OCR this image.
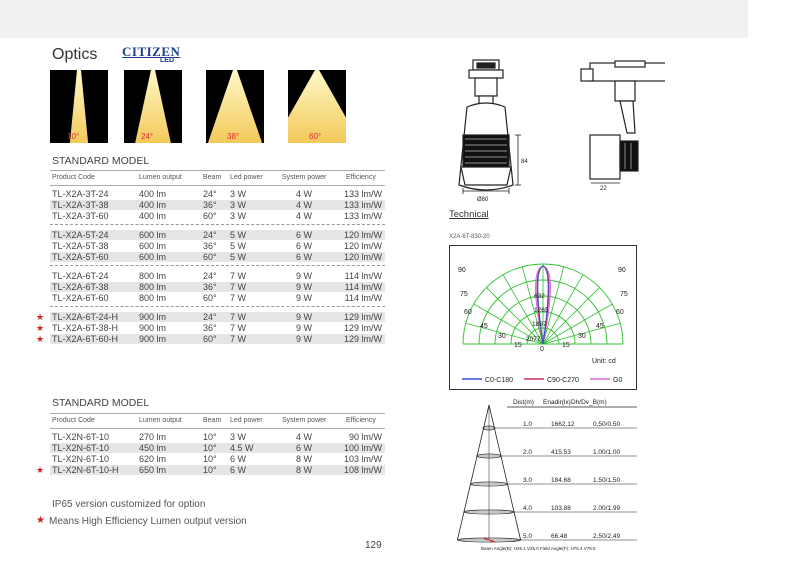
Optics CITIZEN
LED
10°	24°	38°	60°
STANDARD MODEL
Product Code	Lumen output	Beam Led power	System power	Efficiency
TL-X2A-3T-24	400 lm	24° 3 W	4 W	133 lm/W
TL-X2A-3T-38	400 lm	36° 3 W	4 W	133 lm/W
TL-X2A-3T-60	400 lm	60° 3 W	4 W	133 lm/W
TL-X2A-5T-24	600 lm	24° 5 W	6 W	120 lm/W
TL-X2A-5T-38	600 lm	36° 5 W	6 W	120 lm/W
TL-X2A-5T-60	600 lm	60° 5 W	6 W	120 lm/W
TL-X2A-6T-24	800 lm	24° 7 W	9 W	114 lm/W
TL-X2A-6T-38	800 lm	36° 7 W	9 W	114 lm/W
TL-X2A-6T-60	800 lm	60° 7 W	9 W	114 lm/W
TL-X2A-6T-24-H 900 lm	24° 7 W	9 W	129 lm/W
★
TL-X2A-6T-38-H 900 lm	36° 7 W	9 W	129 lm/W
★
TL-X2A-6T-60-H 900 lm	60° 7 W	9 W	129 lm/W
★
STANDARD MODEL
Product Code	Lumen output	Beam Led power	System power	Efficiency
TL-X2N-6T-10	270 lm	10° 3 W	4 W	90 lm/W
TL-X2N-6T-10	450 lm	10° 4.5 W	6 W	100 lm/W
TL-X2N-6T-10	620 lm	10° 6 W	8 W	103 lm/W
TL-X2N-6T-10-H 650 lm	10° 6 W	8 W	108 lm/W
★
IP65 version customized for option
★ Means High Efficiency Lumen output version
129
Ø80
84
22
Technical
X2A-6T-830-20
90	90
75	75
60	60
45	45
30	30
15	15
0
632
1265
1897
2077
Unit: cd
C0-C180	C90-C270	G0
Dist(m) Enadir(lx) Dh/Dv_B(m)
1.0	1662.12	0.50/0.50
2.0	415.53	1.00/1.00
3.0	184.68	1.50/1.50
4.0	103.88	2.00/1.99
5.0	66.48	2.50/2.49
Beam Angle(B): H25.1 V25.0 Field Angle(F): H75.4 V75.5
